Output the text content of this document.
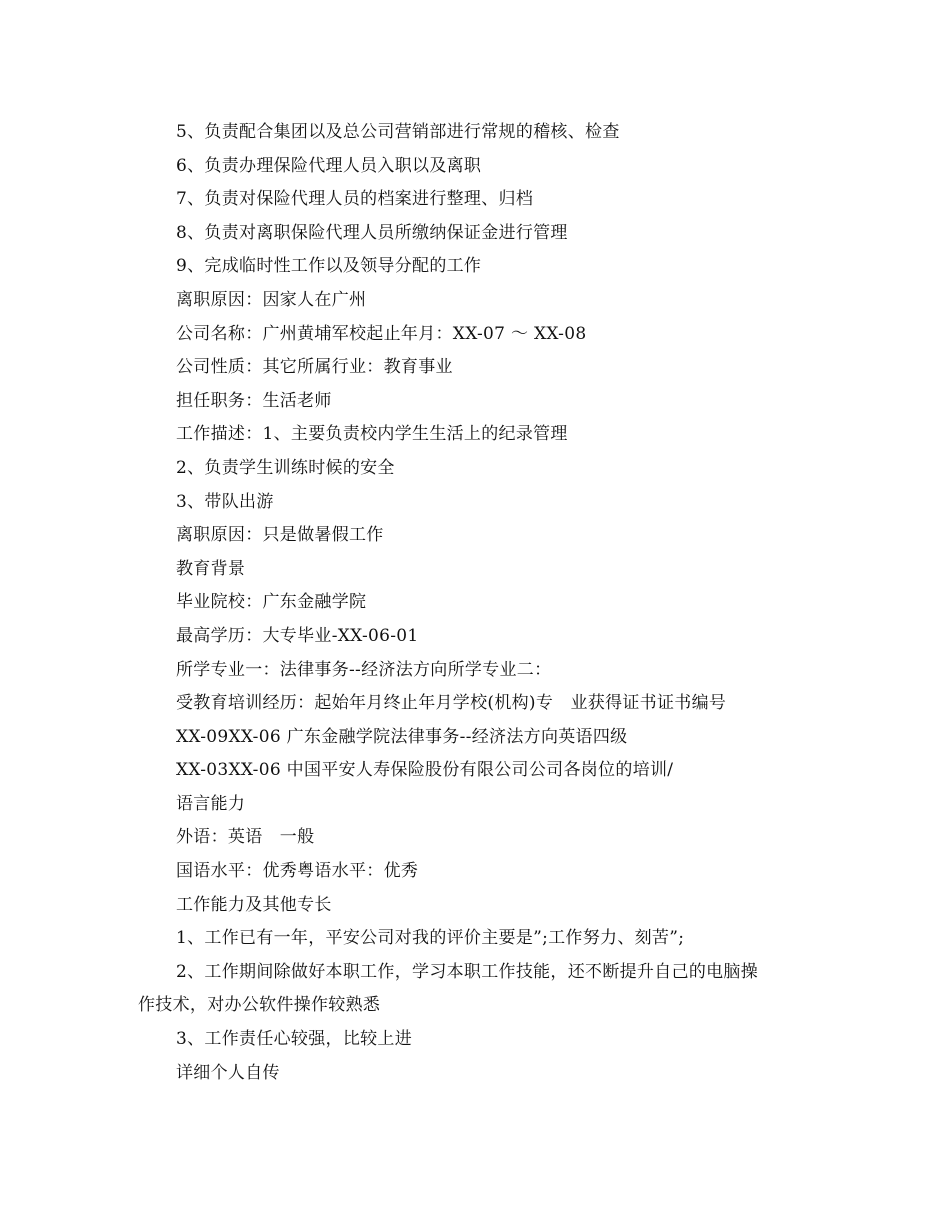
5、负责配合集团以及总公司营销部进行常规的稽核、检查
6、负责办理保险代理人员入职以及离职
7、负责对保险代理人员的档案进行整理、归档
8、负责对离职保险代理人员所缴纳保证金进行管理
9、完成临时性工作以及领导分配的工作
离职原因：因家人在广州
公司名称：广州黄埔军校起止年月：XX-07 ～ XX-08
公司性质：其它所属行业：教育事业
担任职务：生活老师
工作描述：1、主要负责校内学生生活上的纪录管理
2、负责学生训练时候的安全
3、带队出游
离职原因：只是做暑假工作
教育背景
毕业院校：广东金融学院
最高学历：大专毕业-XX-06-01
所学专业一：法律事务--经济法方向所学专业二：
受教育培训经历：起始年月终止年月学校(机构)专　业获得证书证书编号
XX-09XX-06 广东金融学院法律事务--经济法方向英语四级
XX-03XX-06 中国平安人寿保险股份有限公司公司各岗位的培训/
语言能力
外语：英语　一般
国语水平：优秀粤语水平：优秀
工作能力及其他专长
1、工作已有一年，平安公司对我的评价主要是”;工作努力、刻苦”;
2、工作期间除做好本职工作，学习本职工作技能，还不断提升自己的电脑操
作技术，对办公软件操作较熟悉
3、工作责任心较强，比较上进
详细个人自传
